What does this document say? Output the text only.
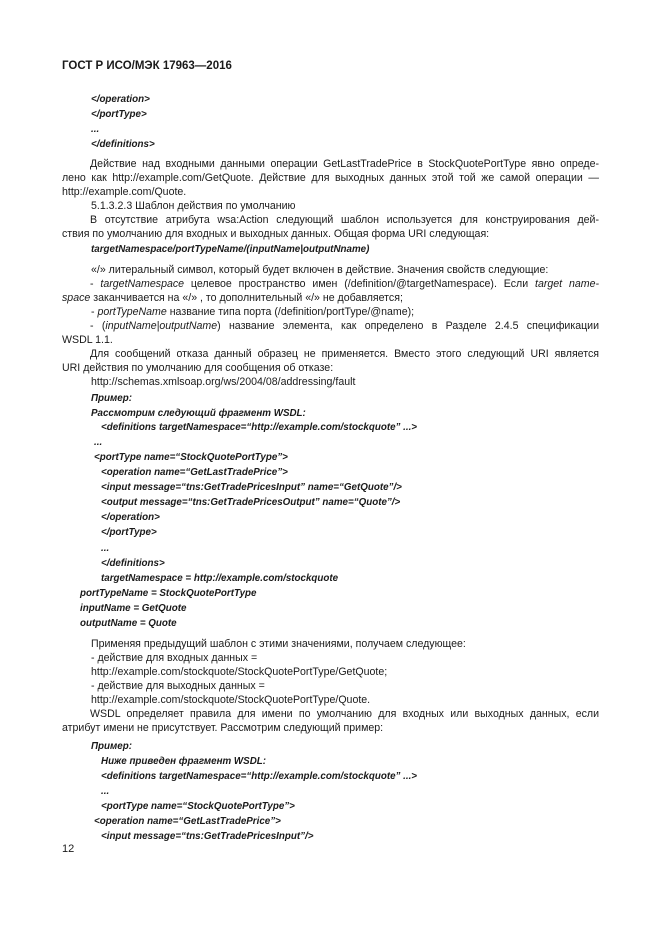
ГОСТ Р ИСО/МЭК 17963—2016
</operation>
</portType>
...
</definitions>
Действие над входными данными операции GetLastTradePrice в StockQuotePortType явно опреде-
лено как http://example.com/GetQuote. Действие для выходных данных этой той же самой операции —
http://example.com/Quote.
5.1.3.2.3 Шаблон действия по умолчанию
В отсутствие атрибута wsa:Action следующий шаблон используется для конструирования дей-
ствия по умолчанию для входных и выходных данных. Общая форма URI следующая:
targetNamespace/portTypeName/(inputName|outputNname)
«/» литеральный символ, который будет включен в действие. Значения свойств следующие:
- targetNamespace целевое пространство имен (/definition/@targetNamespace). Если target name-
space заканчивается на «/» , то дополнительный «/» не добавляется;
- portTypeName название типа порта (/definition/portType/@name);
- (inputName|outputName) название элемента, как определено в Разделе 2.4.5 спецификации
WSDL 1.1.
Для сообщений отказа данный образец не применяется. Вместо этого следующий URI является
URI действия по умолчанию для сообщения об отказе:
http://schemas.xmlsoap.org/ws/2004/08/addressing/fault
Пример:
Рассмотрим следующий фрагмент WSDL:
<definitions targetNamespace=“http://example.com/stockquote” ...>
...
<portType name=“StockQuotePortType”>
<operation name=“GetLastTradePrice”>
<input message=“tns:GetTradePricesInput” name=“GetQuote”/>
<output message=“tns:GetTradePricesOutput” name=“Quote”/>
</operation>
</portType>
...
</definitions>
targetNamespace = http://example.com/stockquote
portTypeName = StockQuotePortType
inputName = GetQuote
outputName = Quote
Применяя предыдущий шаблон с этими значениями, получаем следующее:
- действие для входных данных =
http://example.com/stockquote/StockQuotePortType/GetQuote;
- действие для выходных данных =
http://example.com/stockquote/StockQuotePortType/Quote.
WSDL определяет правила для имени по умолчанию для входных или выходных данных, если
атрибут имени не присутствует. Рассмотрим следующий пример:
Пример:
Ниже приведен фрагмент WSDL:
<definitions targetNamespace=“http://example.com/stockquote” ...>
...
<portType name=“StockQuotePortType”>
<operation name=“GetLastTradePrice”>
<input message=“tns:GetTradePricesInput”/>
12
